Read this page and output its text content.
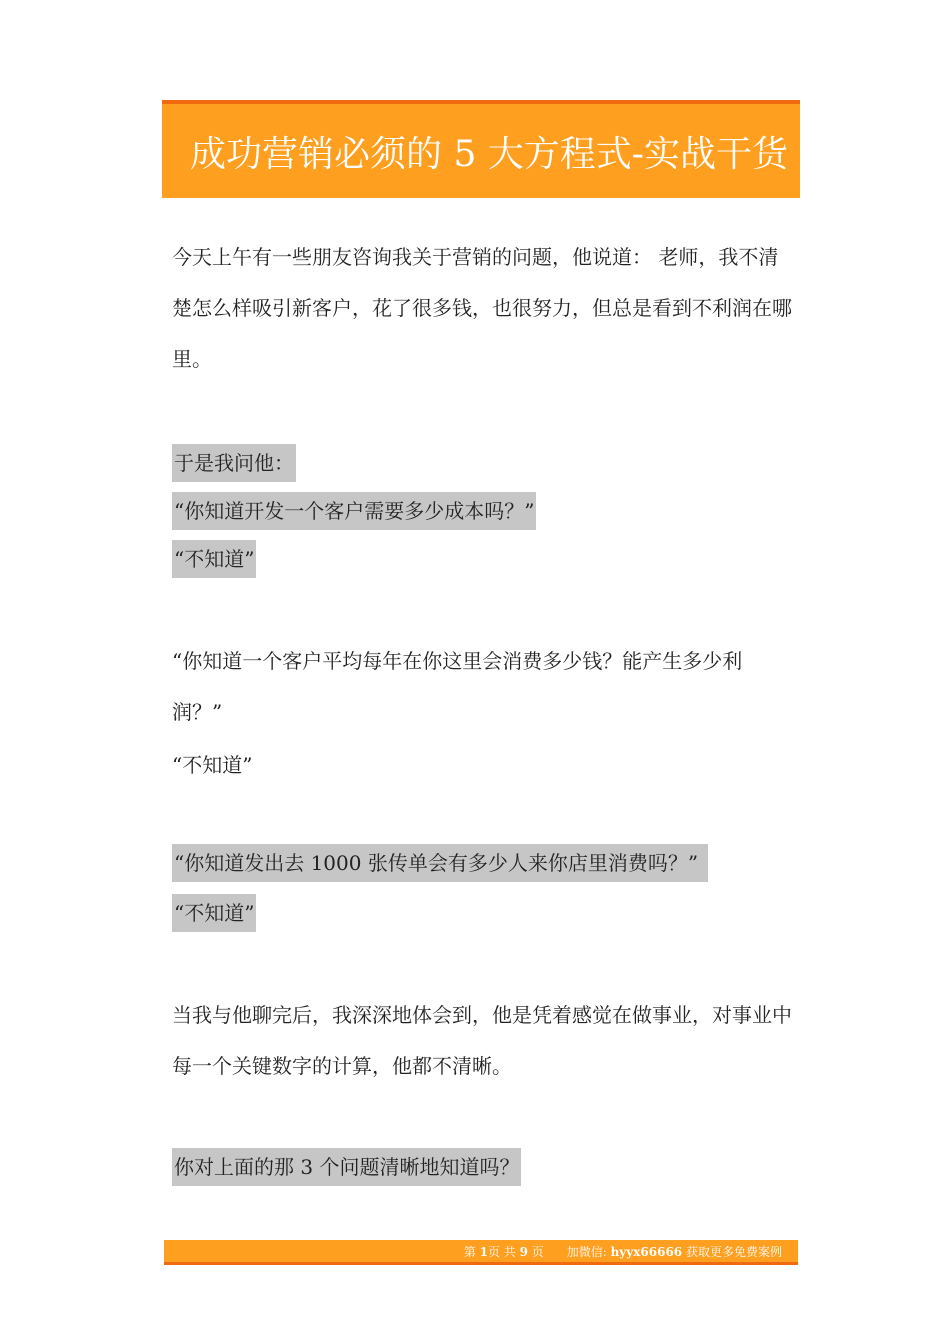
成功营销必须的 5 大方程式-实战干货
今天上午有一些朋友咨询我关于营销的问题，他说道： 老师，我不清楚怎么样吸引新客户，花了很多钱，也很努力，但总是看到不利润在哪里。
于是我问他：
“你知道开发一个客户需要多少成本吗？”
“不知道”
“你知道一个客户平均每年在你这里会消费多少钱？能产生多少利润？”
“不知道”
“你知道发出去 1000 张传单会有多少人来你店里消费吗？”
“不知道”
当我与他聊完后，我深深地体会到，他是凭着感觉在做事业，对事业中每一个关键数字的计算，他都不清晰。
你对上面的那 3 个问题清晰地知道吗？
第 1页 共 9 页 加微信: hyyx66666 获取更多免费案例
